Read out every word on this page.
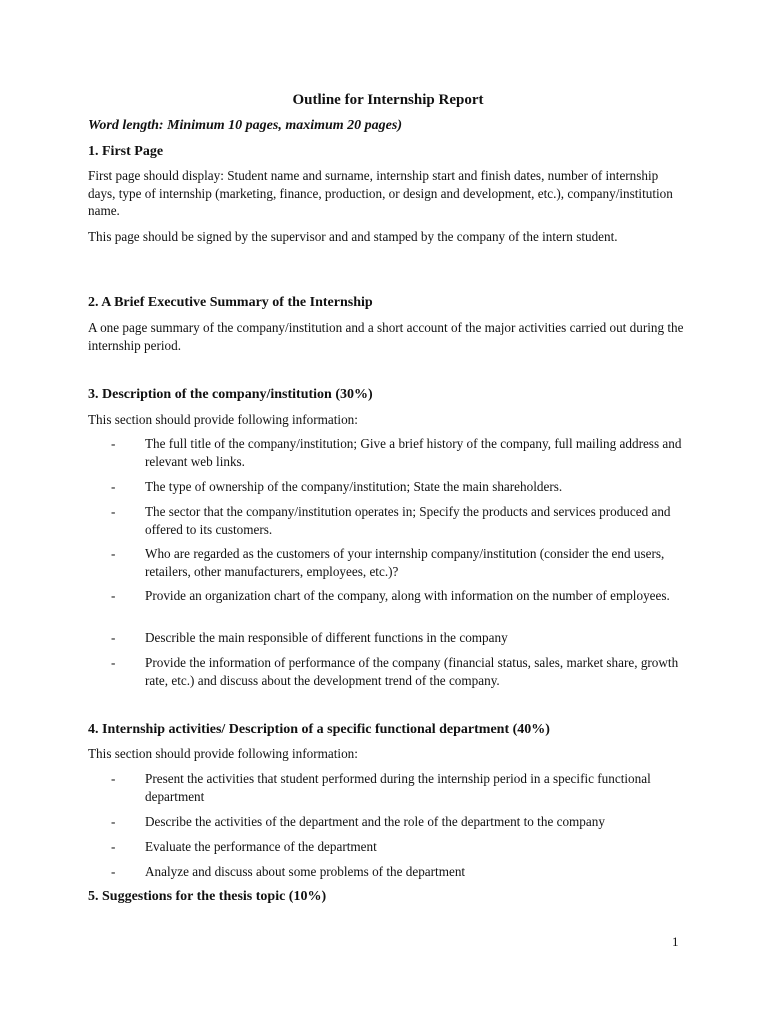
Outline for Internship Report
Word length: Minimum 10 pages, maximum 20 pages)
1. First Page
First page should display: Student name and surname, internship start and finish dates, number of internship days, type of internship (marketing, finance, production, or design and development, etc.), company/institution name.
This page should be signed by the supervisor and and stamped by the company of the intern student.
2. A Brief Executive Summary of the Internship
A one page summary of the company/institution and a short account of the major activities carried out during the internship period.
3. Description of the company/institution (30%)
This section should provide following information:
-	The full title of the company/institution; Give a brief history of the company, full mailing address and relevant web links.
-	The type of ownership of the company/institution; State the main shareholders.
-	The sector that the company/institution operates in; Specify the products and services produced and offered to its customers.
-	Who are regarded as the customers of your internship company/institution (consider the end users, retailers, other manufacturers, employees, etc.)?
-	Provide an organization chart of the company, along with information on the number of employees.
-	Describle the main responsible of different functions in the company
-	Provide the information of performance of the company (financial status, sales, market share, growth rate, etc.) and discuss about the development trend of the company.
4. Internship activities/ Description of a specific functional department (40%)
This section should provide following information:
-	Present the activities that student performed during the internship period in a specific functional department
-	Describe the activities of the department and the role of the department to the company
-	Evaluate the performance of the department
-	Analyze and discuss about some problems of the department
5. Suggestions for the thesis topic (10%)
1
